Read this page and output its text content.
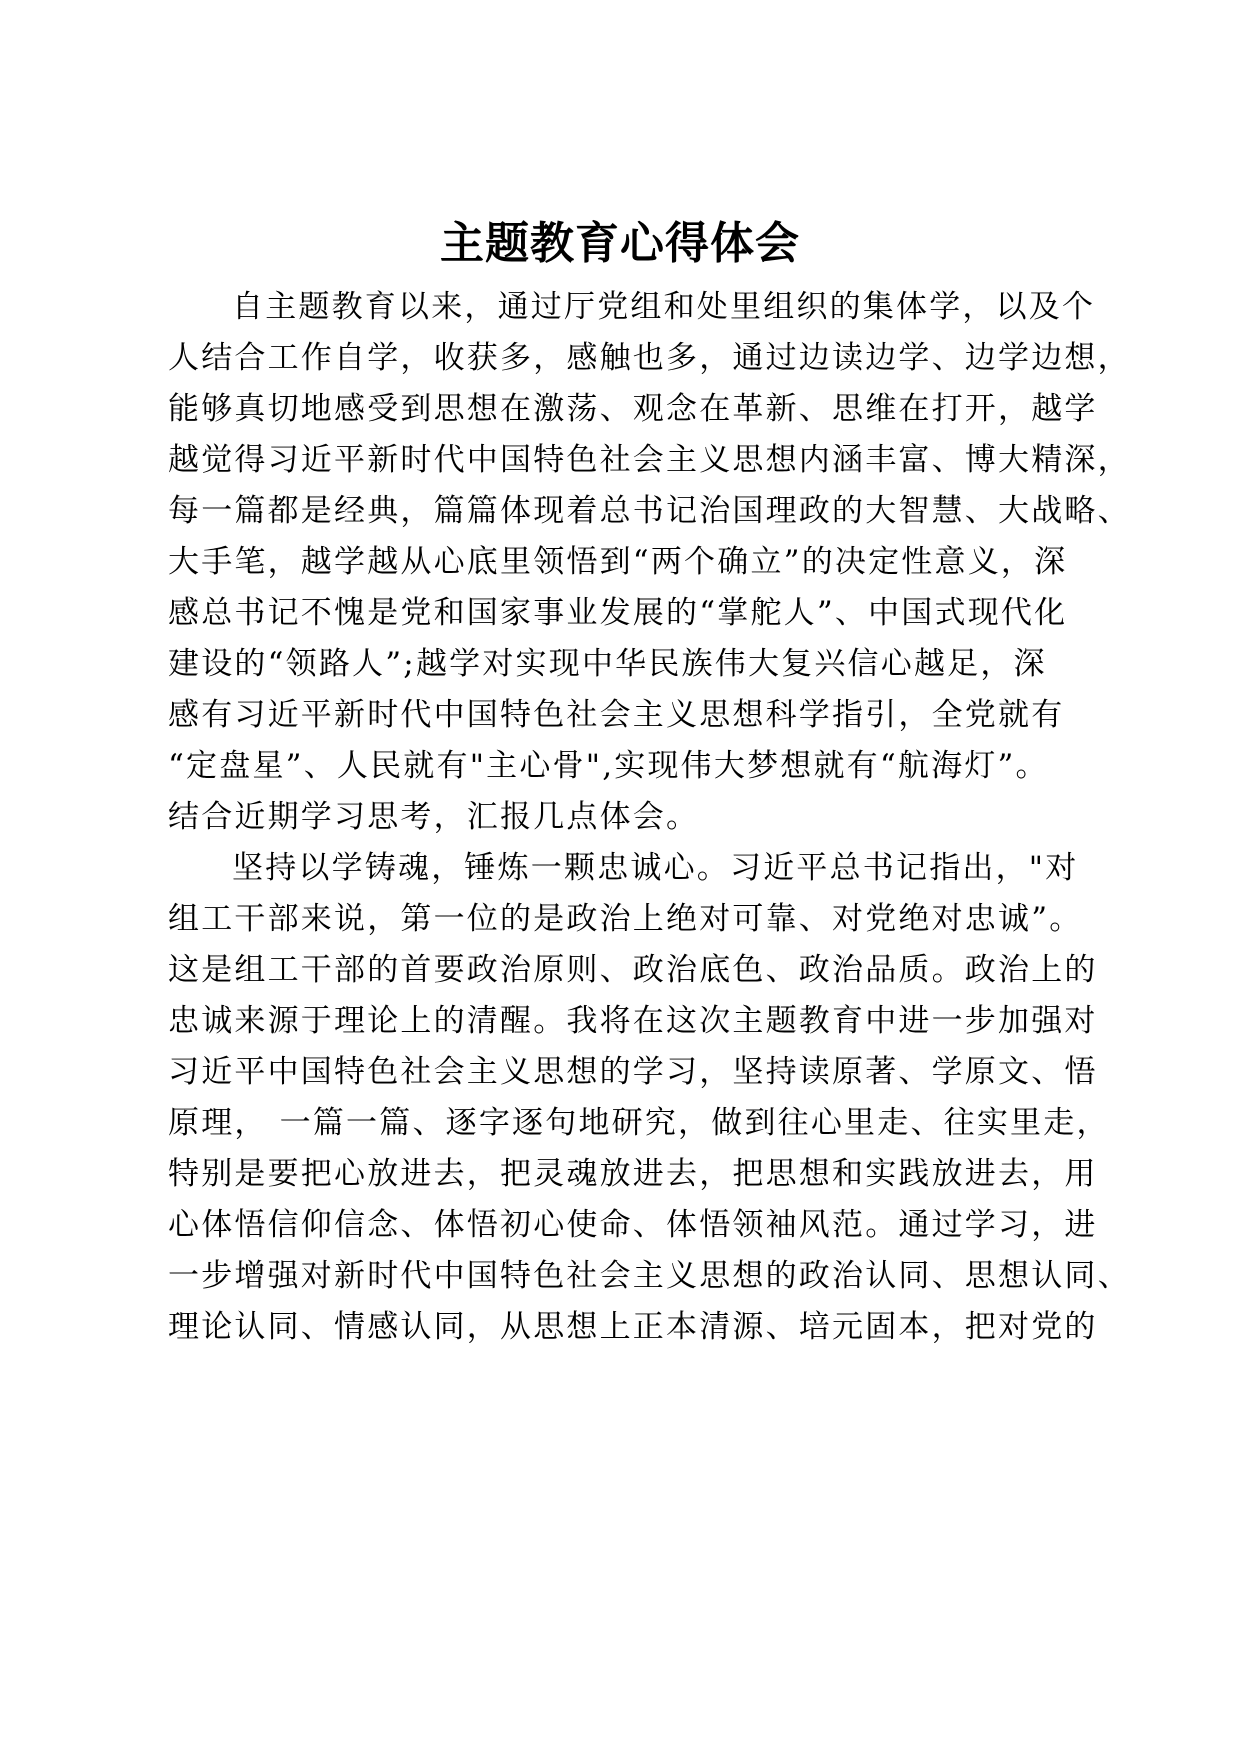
主题教育心得体会
自主题教育以来，通过厅党组和处里组织的集体学，以及个
人结合工作自学，收获多，感触也多，通过边读边学、边学边想，
能够真切地感受到思想在激荡、观念在革新、思维在打开，越学
越觉得习近平新时代中国特色社会主义思想内涵丰富、博大精深，
每一篇都是经典，篇篇体现着总书记治国理政的大智慧、大战略、
大手笔，越学越从心底里领悟到“两个确立”的决定性意义，深
感总书记不愧是党和国家事业发展的“掌舵人”、中国式现代化
建设的“领路人”;越学对实现中华民族伟大复兴信心越足，深
感有习近平新时代中国特色社会主义思想科学指引，全党就有
“定盘星”、人民就有"主心骨",实现伟大梦想就有“航海灯”。
结合近期学习思考，汇报几点体会。
坚持以学铸魂，锤炼一颗忠诚心。习近平总书记指出，"对
组工干部来说，第一位的是政治上绝对可靠、对党绝对忠诚”。
这是组工干部的首要政治原则、政治底色、政治品质。政治上的
忠诚来源于理论上的清醒。我将在这次主题教育中进一步加强对
习近平中国特色社会主义思想的学习，坚持读原著、学原文、悟
原理， 一篇一篇、逐字逐句地研究，做到往心里走、往实里走，
特别是要把心放进去，把灵魂放进去，把思想和实践放进去，用
心体悟信仰信念、体悟初心使命、体悟领袖风范。通过学习，进
一步增强对新时代中国特色社会主义思想的政治认同、思想认同、
理论认同、情感认同，从思想上正本清源、培元固本，把对党的
